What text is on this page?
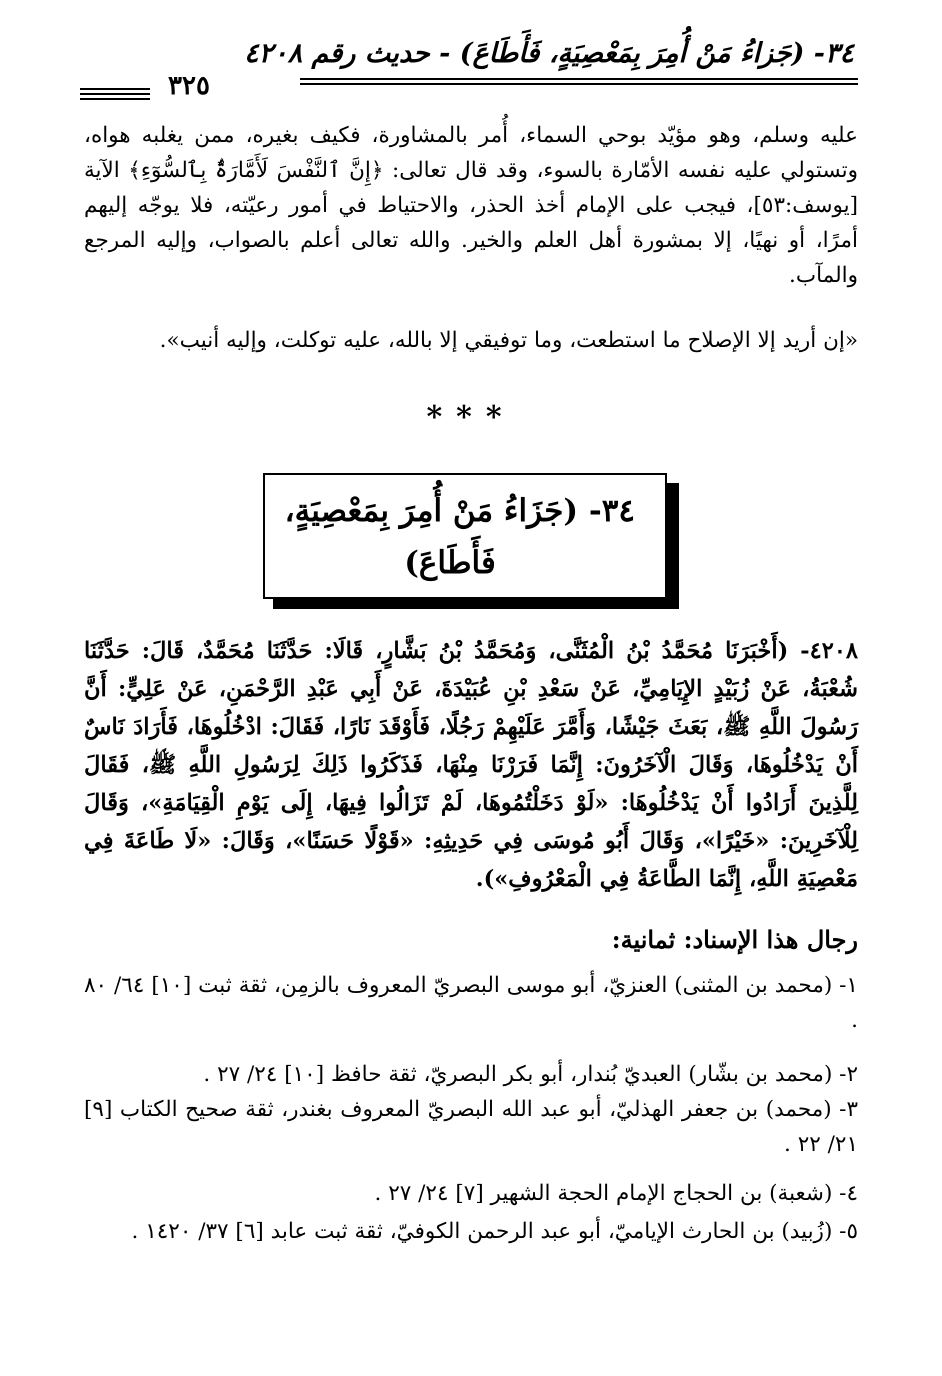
٣٤- (جَزاءُ مَنْ أُمِرَ بِمَعْصِيَةٍ، فَأَطَاعَ) - حديث رقم ٤٢٠٨
٣٢٥
عليه وسلم، وهو مؤيّد بوحي السماء، أُمر بالمشاورة، فكيف بغيره، ممن يغلبه هواه، وتستولي عليه نفسه الأمّارة بالسوء، وقد قال تعالى: ﴿إِنَّ ٱلنَّفْسَ لَأَمَّارَةٌۢ بِٱلسُّوٓءِ﴾ الآية [يوسف:٥٣]، فيجب على الإمام أخذ الحذر، والاحتياط في أمور رعيّته، فلا يوجّه إليهم أمرًا، أو نهيًا، إلا بمشورة أهل العلم والخير. والله تعالى أعلم بالصواب، وإليه المرجع والمآب.
«إن أريد إلا الإصلاح ما استطعت، وما توفيقي إلا بالله، عليه توكلت، وإليه أنيب».
***
٣٤- (جَزَاءُ مَنْ أُمِرَ بِمَعْصِيَةٍ،
فَأَطَاعَ)
٤٢٠٨- (أَخْبَرَنَا مُحَمَّدُ بْنُ الْمُثَنَّى، وَمُحَمَّدُ بْنُ بَشَّارٍ، قَالَا: حَدَّثَنَا مُحَمَّدٌ، قَالَ: حَدَّثَنَا شُعْبَةُ، عَنْ زُبَيْدٍ الإِيَامِيِّ، عَنْ سَعْدِ بْنِ عُبَيْدَةَ، عَنْ أَبِي عَبْدِ الرَّحْمَنِ، عَنْ عَلِيٍّ: أَنَّ رَسُولَ اللَّهِ ﷺ، بَعَثَ جَيْشًا، وَأَمَّرَ عَلَيْهِمْ رَجُلًا، فَأَوْقَدَ نَارًا، فَقَالَ: ادْخُلُوهَا، فَأَرَادَ نَاسٌ أَنْ يَدْخُلُوهَا، وَقَالَ الْآخَرُونَ: إِنَّمَا فَرَرْنَا مِنْهَا، فَذَكَرُوا ذَلِكَ لِرَسُولِ اللَّهِ ﷺ، فَقَالَ لِلَّذِينَ أَرَادُوا أَنْ يَدْخُلُوهَا: «لَوْ دَخَلْتُمُوهَا، لَمْ تَزَالُوا فِيهَا، إِلَى يَوْمِ الْقِيَامَةِ»، وَقَالَ لِلْآخَرِينَ: «خَيْرًا»، وَقَالَ أَبُو مُوسَى فِي حَدِيثِهِ: «قَوْلًا حَسَنًا»، وَقَالَ: «لَا طَاعَةَ فِي مَعْصِيَةِ اللَّهِ، إِنَّمَا الطَّاعَةُ فِي الْمَعْرُوفِ»).
رجال هذا الإسناد: ثمانية:
١- (محمد بن المثنى) العنزيّ، أبو موسى البصريّ المعروف بالزمِن، ثقة ثبت [١٠] ٦٤/ ٨٠ .
٢- (محمد بن بشّار) العبديّ بُندار، أبو بكر البصريّ، ثقة حافظ [١٠] ٢٤/ ٢٧ .
٣- (محمد) بن جعفر الهذليّ، أبو عبد الله البصريّ المعروف بغندر، ثقة صحيح الكتاب [٩] ٢١/ ٢٢ .
٤- (شعبة) بن الحجاج الإمام الحجة الشهير [٧] ٢٤/ ٢٧ .
٥- (زُبيد) بن الحارث الإياميّ، أبو عبد الرحمن الكوفيّ، ثقة ثبت عابد [٦] ٣٧/ ١٤٢٠ .
